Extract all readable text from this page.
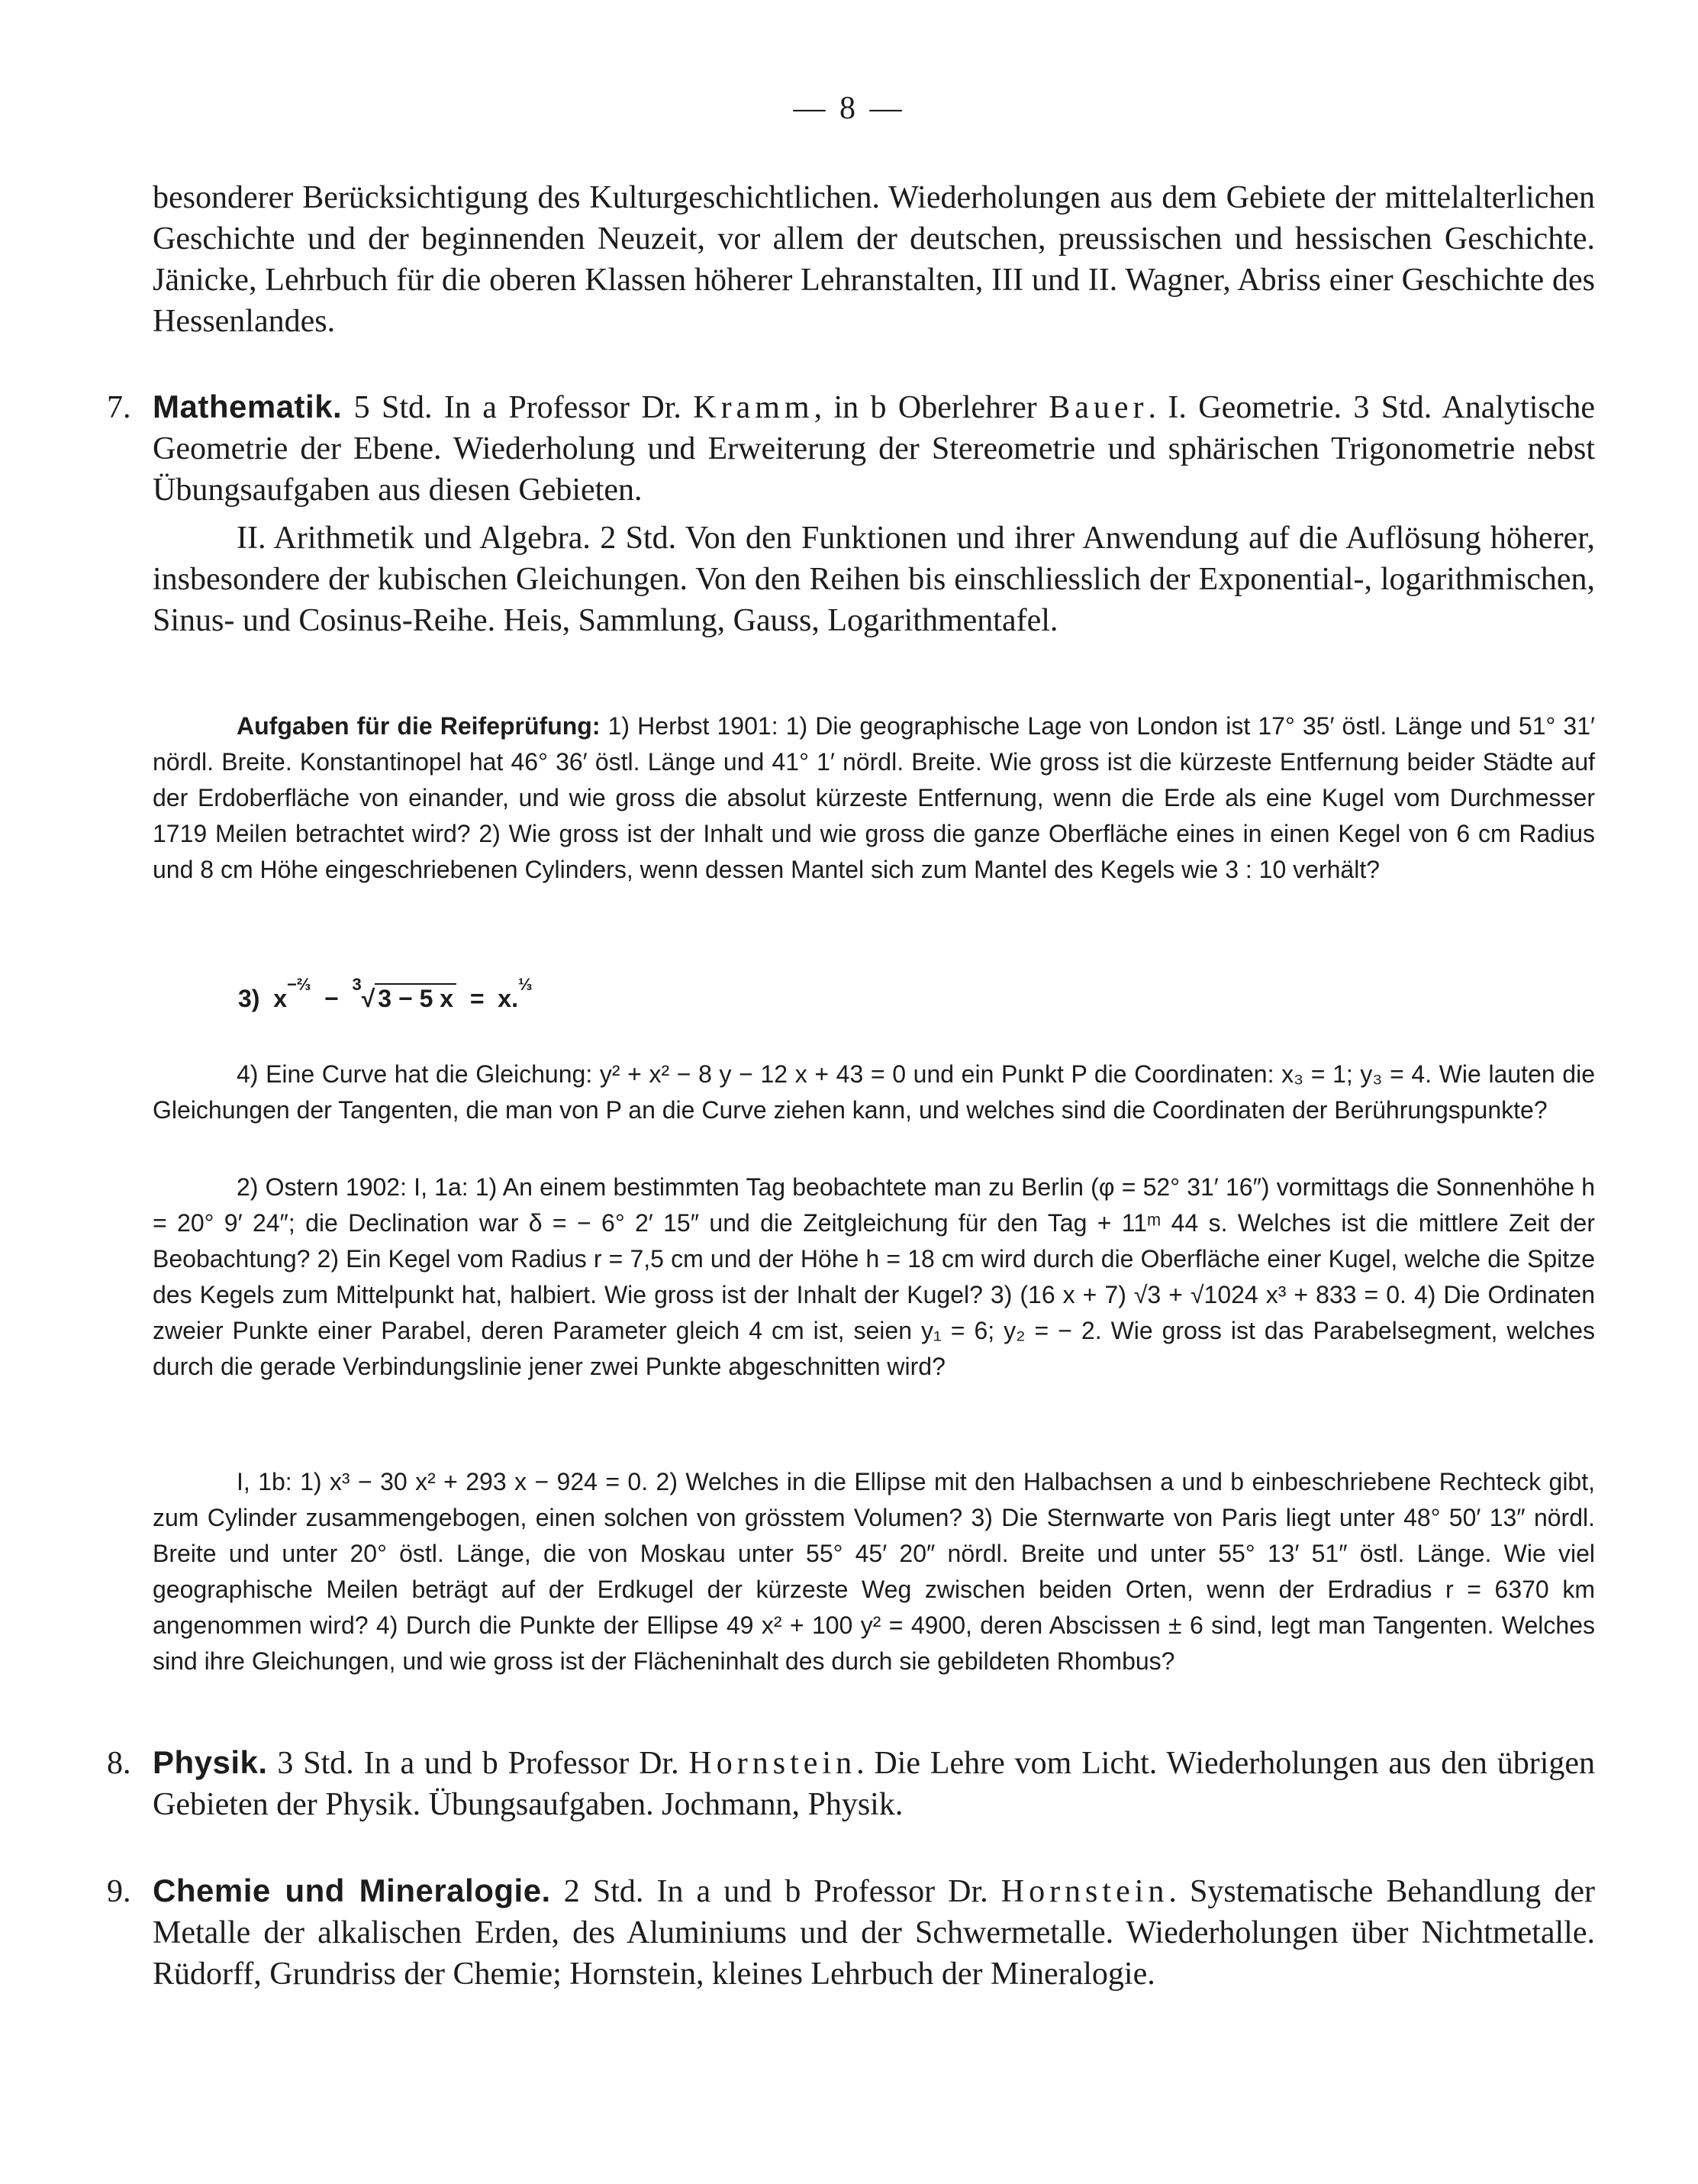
— 8 —

besonderer Berücksichtigung des Kulturgeschichtlichen. Wiederholungen aus dem Gebiete der mittelalterlichen Geschichte und der beginnenden Neuzeit, vor allem der deutschen, preussischen und hessischen Geschichte. Jänicke, Lehrbuch für die oberen Klassen höherer Lehranstalten, III und II. Wagner, Abriss einer Geschichte des Hessenlandes.

7. Mathematik. 5 Std. In a Professor Dr. Kramm, in b Oberlehrer Bauer. I. Geometrie. 3 Std. Analytische Geometrie der Ebene. Wiederholung und Erweiterung der Stereometrie und sphärischen Trigonometrie nebst Übungsaufgaben aus diesen Gebieten.

II. Arithmetik und Algebra. 2 Std. Von den Funktionen und ihrer Anwendung auf die Auflösung höherer, insbesondere der kubischen Gleichungen. Von den Reihen bis einschliesslich der Exponential-, logarithmischen, Sinus- und Cosinus-Reihe. Heis, Sammlung, Gauss, Logarithmentafel.

Aufgaben für die Reifeprüfung: 1) Herbst 1901: 1) Die geographische Lage von London ist 17° 35′ östl. Länge und 51° 31′ nördl. Breite. Konstantinopel hat 46° 36′ östl. Länge und 41° 1′ nördl. Breite. Wie gross ist die kürzeste Entfernung beider Städte auf der Erdoberfläche von einander, und wie gross die absolut kürzeste Entfernung, wenn die Erde als eine Kugel vom Durchmesser 1719 Meilen betrachtet wird? 2) Wie gross ist der Inhalt und wie gross die ganze Oberfläche eines in einen Kegel von 6 cm Radius und 8 cm Höhe eingeschriebenen Cylinders, wenn dessen Mantel sich zum Mantel des Kegels wie 3 : 10 verhält?

3) $x^{-\frac{2}{3}} - ^3√$ 3 − 5 x = x.$^{\frac{1}{3}}$

4) Eine Curve hat die Gleichung: y² + x² − 8 y − 12 x + 43 = 0 und ein Punkt P die Coordinaten: x₃ = 1; y₃ = 4. Wie lauten die Gleichungen der Tangenten, die man von P an die Curve ziehen kann, und welches sind die Coordinaten der Berührungspunkte?

2) Ostern 1902: I, 1a: 1) An einem bestimmten Tag beobachtete man zu Berlin (φ = 52° 31′ 16″) vormittags die Sonnenhöhe h = 20° 9′ 24″; die Declination war δ = − 6° 2′ 15″ und die Zeitgleichung für den Tag + 11ᵐ 44 s. Welches ist die mittlere Zeit der Beobachtung? 2) Ein Kegel vom Radius r = 7,5 cm und der Höhe h = 18 cm wird durch die Oberfläche einer Kugel, welche die Spitze des Kegels zum Mittelpunkt hat, halbiert. Wie gross ist der Inhalt der Kugel? 3) (16 x + 7) √3 + √1024 x³ + 833 = 0. 4) Die Ordinaten zweier Punkte einer Parabel, deren Parameter gleich 4 cm ist, seien y₁ = 6; y₂ = − 2. Wie gross ist das Parabelsegment, welches durch die gerade Verbindungslinie jener zwei Punkte abgeschnitten wird?

I, 1b: 1) x³ − 30 x² + 293 x − 924 = 0. 2) Welches in die Ellipse mit den Halbachsen a und b einbeschriebene Rechteck gibt, zum Cylinder zusammengebogen, einen solchen von grösstem Volumen? 3) Die Sternwarte von Paris liegt unter 48° 50′ 13″ nördl. Breite und unter 20° östl. Länge, die von Moskau unter 55° 45′ 20″ nördl. Breite und unter 55° 13′ 51″ östl. Länge. Wie viel geographische Meilen beträgt auf der Erdkugel der kürzeste Weg zwischen beiden Orten, wenn der Erdradius r = 6370 km angenommen wird? 4) Durch die Punkte der Ellipse 49 x² + 100 y² = 4900, deren Abscissen ± 6 sind, legt man Tangenten. Welches sind ihre Gleichungen, und wie gross ist der Flächeninhalt des durch sie gebildeten Rhombus?

8. Physik. 3 Std. In a und b Professor Dr. Hornstein. Die Lehre vom Licht. Wiederholungen aus den übrigen Gebieten der Physik. Übungsaufgaben. Jochmann, Physik.

9. Chemie und Mineralogie. 2 Std. In a und b Professor Dr. Hornstein. Systematische Behandlung der Metalle der alkalischen Erden, des Aluminiums und der Schwermetalle. Wiederholungen über Nichtmetalle. Rüdorff, Grundriss der Chemie; Hornstein, kleines Lehrbuch der Mineralogie.
